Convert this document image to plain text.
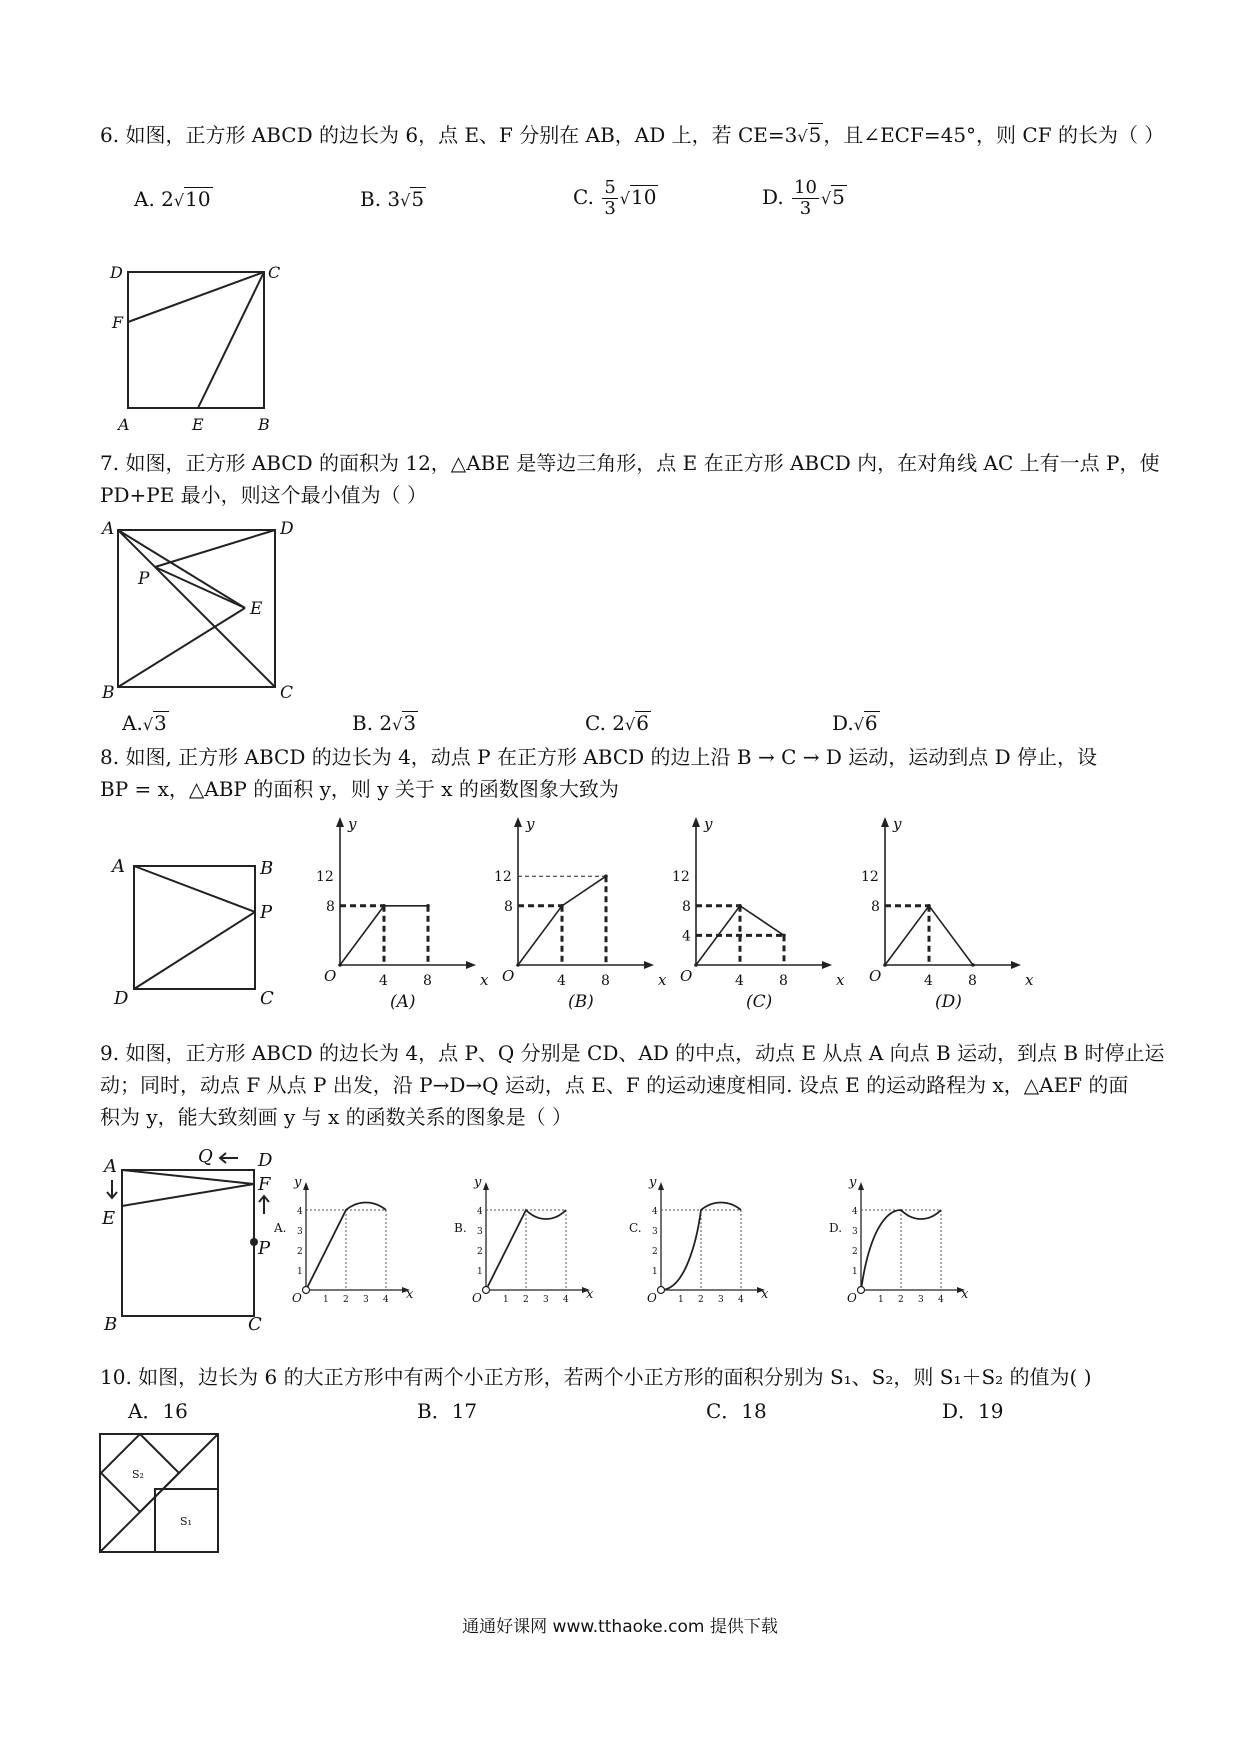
6. 如图，正方形 ABCD 的边长为 6，点 E、F 分别在 AB，AD 上，若 CE=3√5 ，且∠ECF=45°，则 CF 的长为（ ）
A. 2√10	B. 3√5	C. $\frac{5}{3} √10$	D. $\frac{10}{3} √5$
D	C
F
A	E	B
7. 如图，正方形 ABCD 的面积为 12，△ABE 是等边三角形，点 E 在正方形 ABCD 内，在对角线 AC 上有一点 P，使
PD+PE 最小，则这个最小值为（ ）
A	D
P
E
B	C
A.√3	B. 2√3	C. 2√6	D.√6
8. 如图, 正方形 ABCD 的边长为 4，动点 P 在正方形 ABCD 的边上沿 B → C → D 运动，运动到点 D 停止，设
BP = x，△ABP 的面积 y，则 y 关于 x 的函数图象大致为
A	B
P
D	C
y
x
O
8
4	8
12
(A)
y
x
O
8
4	8
12
(B)
y
x
O
8
4	8
12
4
(C)
y
x
O
8
4	8
12
(D)
9. 如图，正方形 ABCD 的边长为 4，点 P、Q 分别是 CD、AD 的中点，动点 E 从点 A 向点 B 运动，到点 B 时停止运
动；同时，动点 F 从点 P 出发，沿 P→D→Q 运动，点 E、F 的运动速度相同. 设点 E 的运动路程为 x，△AEF 的面
积为 y，能大致刻画 y 与 x 的函数关系的图象是（ ）
Q	D
A
F
E
P
B	C
A.
y
x
O
1
1
2
2
3
3
4
4
B.
y
x
O
1
1
2
2
3
3
4
4
C.
y
x
O
1
1
2
2
3
3
4
4
D.
y
x
O
1
1
2
2
3
3
4
4
10. 如图，边长为 6 的大正方形中有两个小正方形，若两个小正方形的面积分别为 S₁、S₂，则 S₁＋S₂ 的值为( )
A．16	B．17	C．18	D．19
S₂
S₁
通通好课网 www.tthaoke.com 提供下载
